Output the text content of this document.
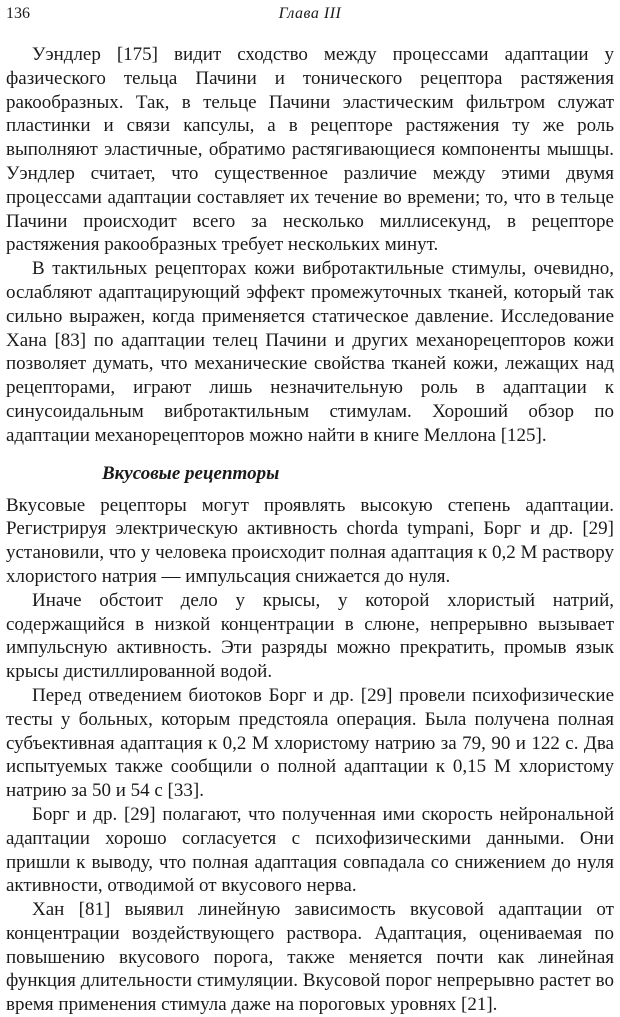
136	Глава III

Уэндлер [175] видит сходство между процессами адаптации у фазического тельца Пачини и тонического рецептора растяжения ракообразных. Так, в тельце Пачини эластическим фильтром служат пластинки и связи капсулы, а в рецепторе растяжения ту же роль выполняют эластичные, обратимо растягивающиеся компоненты мышцы. Уэндлер считает, что существенное различие между этими двумя процессами адаптации составляет их течение во времени; то, что в тельце Пачини происходит всего за несколько миллисекунд, в рецепторе растяжения ракообразных требует нескольких минут.

В тактильных рецепторах кожи вибротактильные стимулы, очевидно, ослабляют адаптацирующий эффект промежуточных тканей, который так сильно выражен, когда применяется статическое давление. Исследование Хана [83] по адаптации телец Пачини и других механорецепторов кожи позволяет думать, что механические свойства тканей кожи, лежащих над рецепторами, играют лишь незначительную роль в адаптации к синусоидальным вибротактильным стимулам. Хороший обзор по адаптации механорецепторов можно найти в книге Меллона [125].

Вкусовые рецепторы

Вкусовые рецепторы могут проявлять высокую степень адаптации. Регистрируя электрическую активность chorda tympani, Борг и др. [29] установили, что у человека происходит полная адаптация к 0,2 М раствору хлористого натрия — импульсация снижается до нуля.

Иначе обстоит дело у крысы, у которой хлористый натрий, содержащийся в низкой концентрации в слюне, непрерывно вызывает импульсную активность. Эти разряды можно прекратить, промыв язык крысы дистиллированной водой.

Перед отведением биотоков Борг и др. [29] провели психофизические тесты у больных, которым предстояла операция. Была получена полная субъективная адаптация к 0,2 М хлористому натрию за 79, 90 и 122 с. Два испытуемых также сообщили о полной адаптации к 0,15 М хлористому натрию за 50 и 54 с [33].

Борг и др. [29] полагают, что полученная ими скорость нейрональной адаптации хорошо согласуется с психофизическими данными. Они пришли к выводу, что полная адаптация совпадала со снижением до нуля активности, отводимой от вкусового нерва.

Хан [81] выявил линейную зависимость вкусовой адаптации от концентрации воздействующего раствора. Адаптация, оцениваемая по повышению вкусового порога, также меняется почти как линейная функция длительности стимуляции. Вкусовой порог непрерывно растет во время применения стимула даже на пороговых уровнях [21].
